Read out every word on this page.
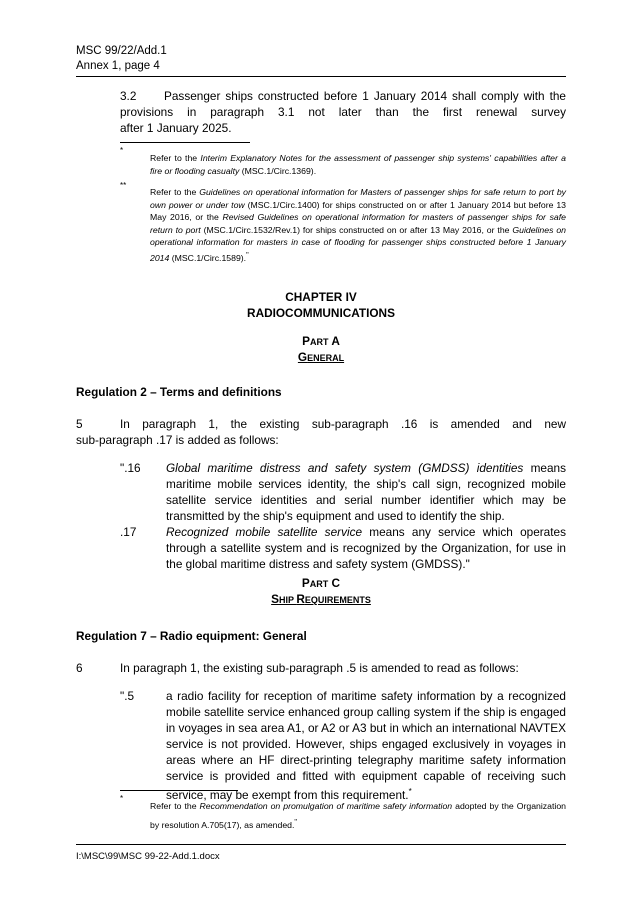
MSC 99/22/Add.1
Annex 1, page 4
3.2 Passenger ships constructed before 1 January 2014 shall comply with the
provisions in paragraph 3.1 not later than the first renewal survey
after 1 January 2025.
*
Refer to the Interim Explanatory Notes for the assessment of passenger ship systems' capabilities after a fire or flooding casualty (MSC.1/Circ.1369).
**
Refer to the Guidelines on operational information for Masters of passenger ships for safe return to port by own power or under tow (MSC.1/Circ.1400) for ships constructed on or after 1 January 2014 but before 13 May 2016, or the Revised Guidelines on operational information for masters of passenger ships for safe return to port (MSC.1/Circ.1532/Rev.1) for ships constructed on or after 13 May 2016, or the Guidelines on operational information for masters in case of flooding for passenger ships constructed before 1 January 2014 (MSC.1/Circ.1589)."
CHAPTER IV
RADIOCOMMUNICATIONS
PART A
GENERAL
Regulation 2 – Terms and definitions
5	In paragraph 1, the existing sub-paragraph .16 is amended and new
sub-paragraph .17 is added as follows:
".16 Global maritime distress and safety system (GMDSS) identities means maritime mobile services identity, the ship's call sign, recognized mobile satellite service identities and serial number identifier which may be transmitted by the ship's equipment and used to identify the ship.
.17	Recognized mobile satellite service means any service which operates through a satellite system and is recognized by the Organization, for use in the global maritime distress and safety system (GMDSS)."
PART C
SHIP REQUIREMENTS
Regulation 7 – Radio equipment: General
6	In paragraph 1, the existing sub-paragraph .5 is amended to read as follows:
".5	a radio facility for reception of maritime safety information by a recognized mobile satellite service enhanced group calling system if the ship is engaged in voyages in sea area A1, or A2 or A3 but in which an international NAVTEX service is not provided. However, ships engaged exclusively in voyages in areas where an HF direct-printing telegraphy maritime safety information service is provided and fitted with equipment capable of receiving such service, may be exempt from this requirement.*
*
Refer to the Recommendation on promulgation of maritime safety information adopted by the Organization by resolution A.705(17), as amended."
I:\MSC\99\MSC 99-22-Add.1.docx
